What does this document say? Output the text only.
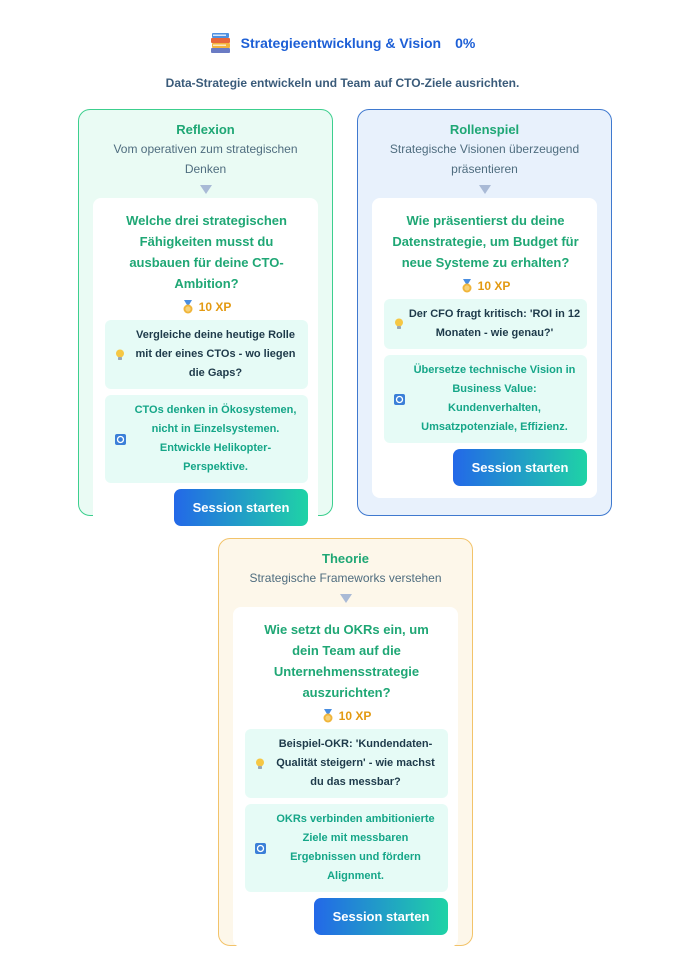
Strategieentwicklung & Vision 0%
Data-Strategie entwickeln und Team auf CTO-Ziele ausrichten.
Reflexion
Vom operativen zum strategischen Denken
Welche drei strategischen Fähigkeiten musst du ausbauen für deine CTO-Ambition?
10 XP
Vergleiche deine heutige Rolle mit der eines CTOs - wo liegen die Gaps?
CTOs denken in Ökosystemen, nicht in Einzelsystemen. Entwickle Helikopter-Perspektive.
Session starten
Rollenspiel
Strategische Visionen überzeugend präsentieren
Wie präsentierst du deine Datenstrategie, um Budget für neue Systeme zu erhalten?
10 XP
Der CFO fragt kritisch: 'ROI in 12 Monaten - wie genau?'
Übersetze technische Vision in Business Value: Kundenverhalten, Umsatzpotenziale, Effizienz.
Session starten
Theorie
Strategische Frameworks verstehen
Wie setzt du OKRs ein, um dein Team auf die Unternehmensstrategie auszurichten?
10 XP
Beispiel-OKR: 'Kundendaten-Qualität steigern' - wie machst du das messbar?
OKRs verbinden ambitionierte Ziele mit messbaren Ergebnissen und fördern Alignment.
Session starten
